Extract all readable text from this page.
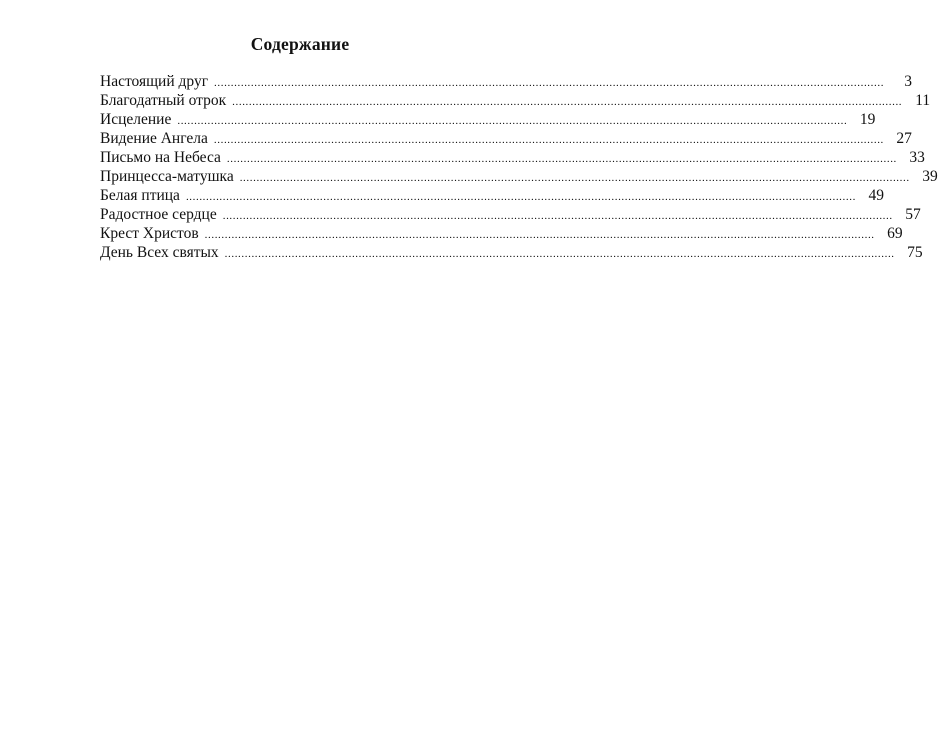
Содержание
Настоящий друг ........................................................................................................................................................................................................	3
Благодатный отрок ........................................................................................................................................................................................................ 11
Исцеление ........................................................................................................................................................................................................ 19
Видение Ангела ........................................................................................................................................................................................................ 27
Письмо на Небеса ........................................................................................................................................................................................................ 33
Принцесса-матушка ........................................................................................................................................................................................................ 39
Белая птица ........................................................................................................................................................................................................ 49
Радостное сердце ........................................................................................................................................................................................................ 57
Крест Христов ........................................................................................................................................................................................................ 69
День Всех святых ........................................................................................................................................................................................................ 75
